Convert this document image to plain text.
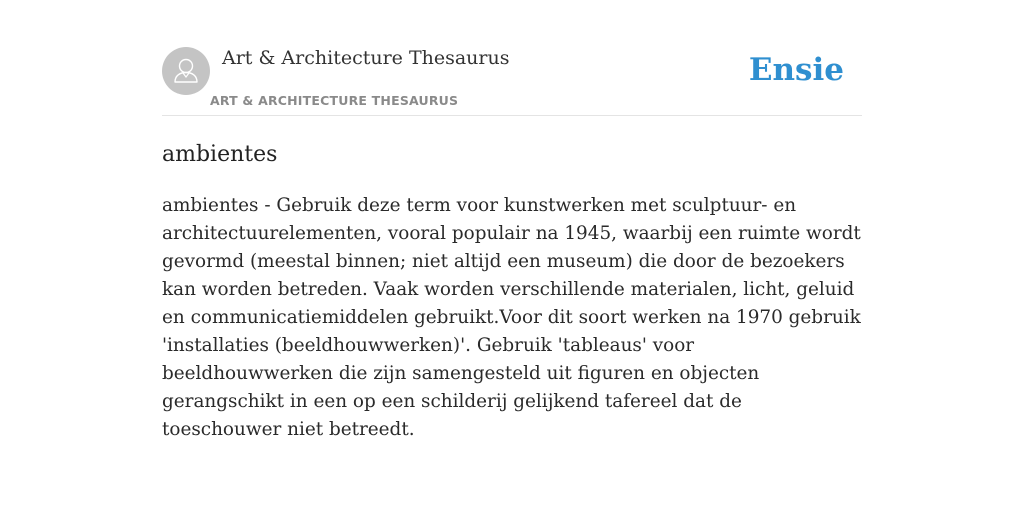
Art & Architecture Thesaurus
ART & ARCHITECTURE THESAURUS
Ensie
ambientes

ambientes - Gebruik deze term voor kunstwerken met sculptuur- en architectuurelementen, vooral populair na 1945, waarbij een ruimte wordt gevormd (meestal binnen; niet altijd een museum) die door de bezoekers kan worden betreden. Vaak worden verschillende materialen, licht, geluid en communicatiemiddelen gebruikt.Voor dit soort werken na 1970 gebruik 'installaties (beeldhouwwerken)'. Gebruik 'tableaus' voor beeldhouwwerken die zijn samengesteld uit figuren en objecten gerangschikt in een op een schilderij gelijkend tafereel dat de toeschouwer niet betreedt.
